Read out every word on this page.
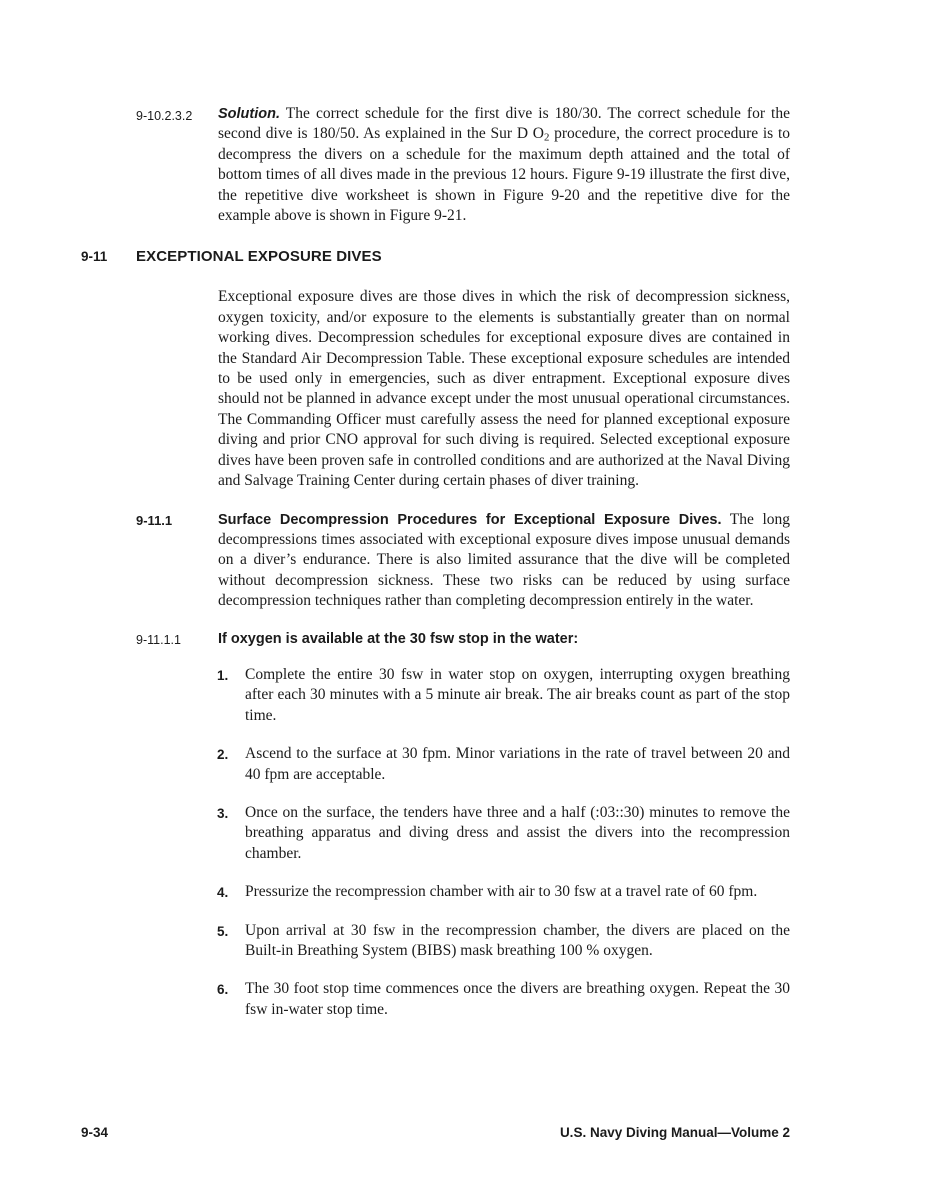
9-10.2.3.2 Solution. The correct schedule for the first dive is 180/30. The correct schedule for the second dive is 180/50. As explained in the Sur D $O_2$ procedure, the correct procedure is to decompress the divers on a schedule for the maximum depth attained and the total of bottom times of all dives made in the previous 12 hours. Figure 9-19 illustrate the first dive, the repetitive dive worksheet is shown in Figure 9-20 and the repetitive dive for the example above is shown in Figure 9-21.
9-11 EXCEPTIONAL EXPOSURE DIVES
Exceptional exposure dives are those dives in which the risk of decompression sickness, oxygen toxicity, and/or exposure to the elements is substantially greater than on normal working dives. Decompression schedules for exceptional exposure dives are contained in the Standard Air Decompression Table. These exceptional exposure schedules are intended to be used only in emergencies, such as diver entrapment. Exceptional exposure dives should not be planned in advance except under the most unusual operational circumstances. The Commanding Officer must carefully assess the need for planned exceptional exposure diving and prior CNO approval for such diving is required. Selected exceptional exposure dives have been proven safe in controlled conditions and are authorized at the Naval Diving and Salvage Training Center during certain phases of diver training.
9-11.1	Surface Decompression Procedures for Exceptional Exposure Dives. The long decompressions times associated with exceptional exposure dives impose unusual demands on a diver’s endurance. There is also limited assurance that the dive will be completed without decompression sickness. These two risks can be reduced by using surface decompression techniques rather than completing decompression entirely in the water.
9-11.1.1	If oxygen is available at the 30 fsw stop in the water:
1. Complete the entire 30 fsw in water stop on oxygen, interrupting oxygen breathing after each 30 minutes with a 5 minute air break. The air breaks count as part of the stop time.
2. Ascend to the surface at 30 fpm. Minor variations in the rate of travel between 20 and 40 fpm are acceptable.
3. Once on the surface, the tenders have three and a half (:03::30) minutes to remove the breathing apparatus and diving dress and assist the divers into the recompression chamber.
4. Pressurize the recompression chamber with air to 30 fsw at a travel rate of 60 fpm.
5. Upon arrival at 30 fsw in the recompression chamber, the divers are placed on the Built-in Breathing System (BIBS) mask breathing 100 % oxygen.
6. The 30 foot stop time commences once the divers are breathing oxygen. Repeat the 30 fsw in-water stop time.
9-34	U.S. Navy Diving Manual—Volume 2
